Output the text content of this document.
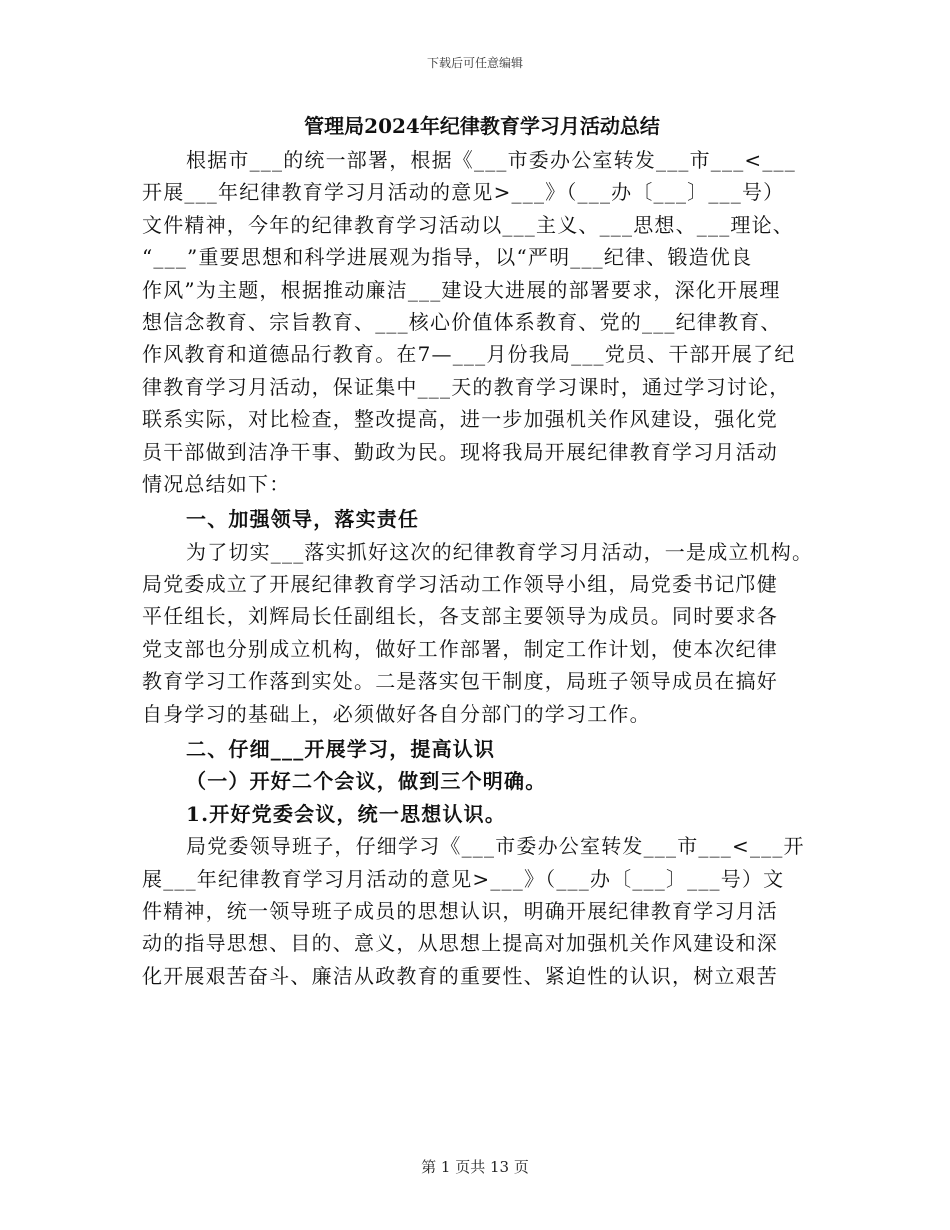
下载后可任意编辑
管理局2024年纪律教育学习月活动总结
根据市___的统一部署，根据《___市委办公室转发___市___<___
开展___年纪律教育学习月活动的意见>___》（___办〔___〕___号）
文件精神，今年的纪律教育学习活动以___主义、___思想、___理论、
“___”重要思想和科学进展观为指导，以“严明___纪律、锻造优良
作风”为主题，根据推动廉洁___建设大进展的部署要求，深化开展理
想信念教育、宗旨教育、___核心价值体系教育、党的___纪律教育、
作风教育和道德品行教育。在7—___月份我局___党员、干部开展了纪
律教育学习月活动，保证集中___天的教育学习课时，通过学习讨论，
联系实际，对比检查，整改提高，进一步加强机关作风建设，强化党
员干部做到洁净干事、勤政为民。现将我局开展纪律教育学习月活动
情况总结如下：
一、加强领导，落实责任
为了切实___落实抓好这次的纪律教育学习月活动，一是成立机构。
局党委成立了开展纪律教育学习活动工作领导小组，局党委书记邝健
平任组长，刘辉局长任副组长，各支部主要领导为成员。同时要求各
党支部也分别成立机构，做好工作部署，制定工作计划，使本次纪律
教育学习工作落到实处。二是落实包干制度，局班子领导成员在搞好
自身学习的基础上，必须做好各自分部门的学习工作。
二、仔细___开展学习，提高认识
（一）开好二个会议，做到三个明确。
1.开好党委会议，统一思想认识。
局党委领导班子，仔细学习《___市委办公室转发___市___<___开
展___年纪律教育学习月活动的意见>___》（___办〔___〕___号）文
件精神，统一领导班子成员的思想认识，明确开展纪律教育学习月活
动的指导思想、目的、意义，从思想上提高对加强机关作风建设和深
化开展艰苦奋斗、廉洁从政教育的重要性、紧迫性的认识，树立艰苦
第 1 页共 13 页
